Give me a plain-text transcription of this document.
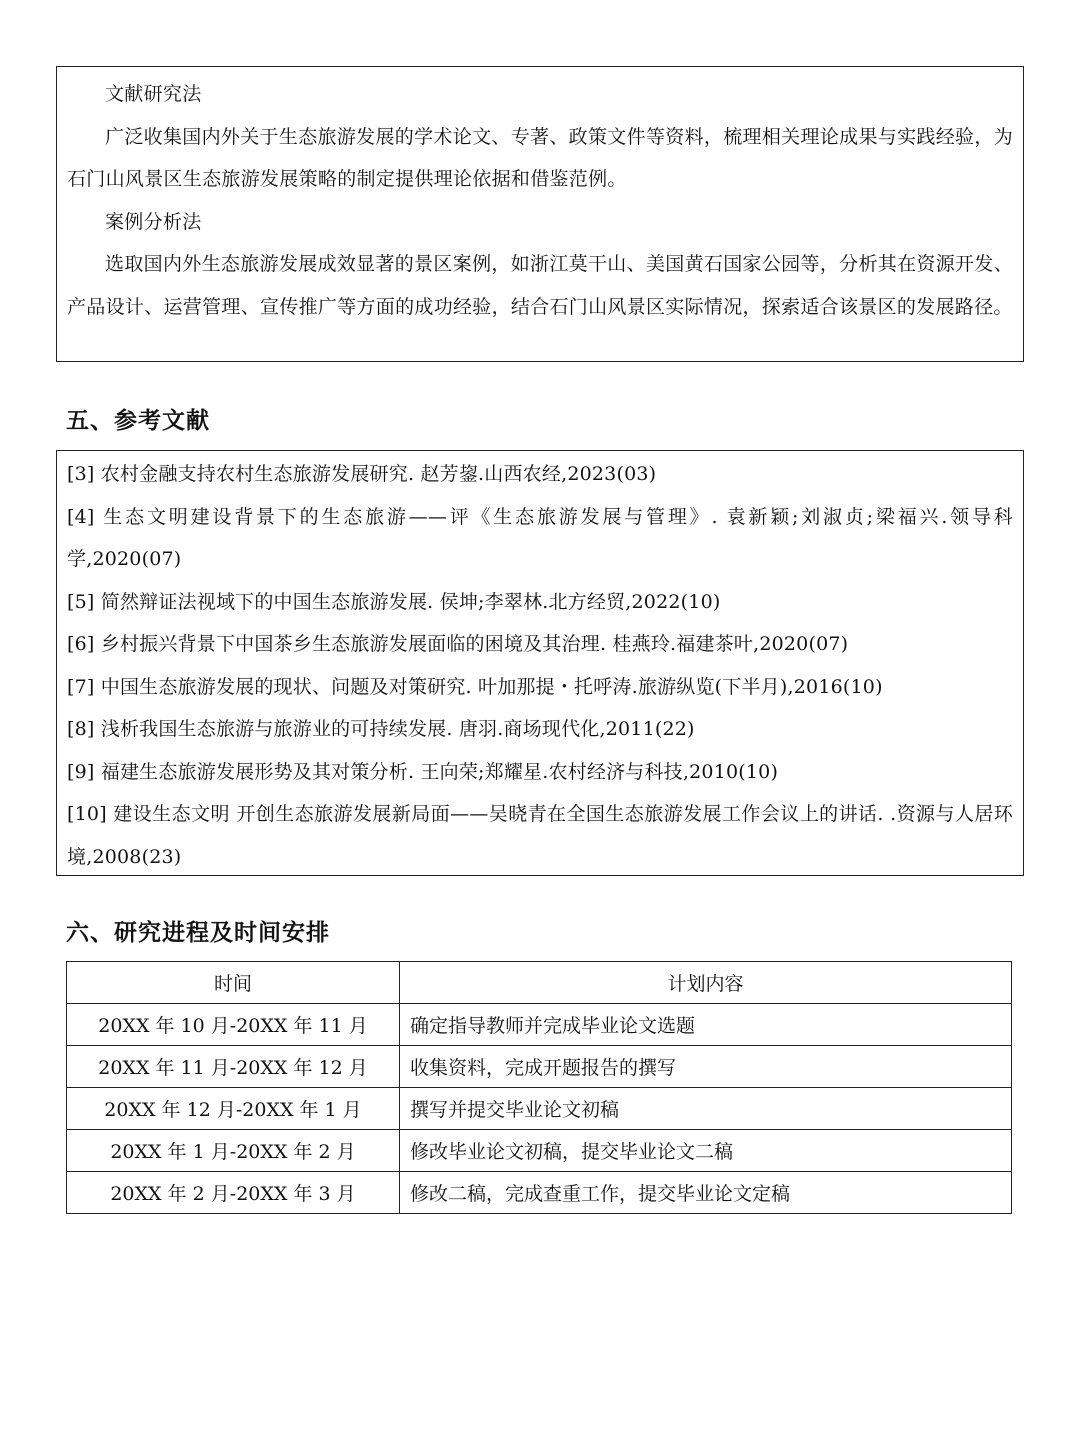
文献研究法

广泛收集国内外关于生态旅游发展的学术论文、专著、政策文件等资料，梳理相关理论成果与实践经验，为石门山风景区生态旅游发展策略的制定提供理论依据和借鉴范例。

案例分析法

选取国内外生态旅游发展成效显著的景区案例，如浙江莫干山、美国黄石国家公园等，分析其在资源开发、产品设计、运营管理、宣传推广等方面的成功经验，结合石门山风景区实际情况，探索适合该景区的发展路径。

五、参考文献

[3] 农村金融支持农村生态旅游发展研究. 赵芳鋆.山西农经,2023(03)

[4] 生态文明建设背景下的生态旅游——评《生态旅游发展与管理》. 袁新颖;刘淑贞;梁福兴.领导科学,2020(07)

[5] 简然辩证法视域下的中国生态旅游发展. 侯坤;李翠林.北方经贸,2022(10)

[6] 乡村振兴背景下中国茶乡生态旅游发展面临的困境及其治理. 桂燕玲.福建茶叶,2020(07)

[7] 中国生态旅游发展的现状、问题及对策研究. 叶加那提・托呼涛.旅游纵览(下半月),2016(10)

[8] 浅析我国生态旅游与旅游业的可持续发展. 唐羽.商场现代化,2011(22)

[9] 福建生态旅游发展形势及其对策分析. 王向荣;郑耀星.农村经济与科技,2010(10)

[10] 建设生态文明 开创生态旅游发展新局面——吴晓青在全国生态旅游发展工作会议上的讲话. .资源与人居环境,2008(23)

六、研究进程及时间安排
时间	计划内容
20XX 年 10 月-20XX 年 11 月	确定指导教师并完成毕业论文选题
20XX 年 11 月-20XX 年 12 月	收集资料，完成开题报告的撰写
20XX 年 12 月-20XX 年 1 月	撰写并提交毕业论文初稿
20XX 年 1 月-20XX 年 2 月	修改毕业论文初稿，提交毕业论文二稿
20XX 年 2 月-20XX 年 3 月	修改二稿，完成查重工作，提交毕业论文定稿
